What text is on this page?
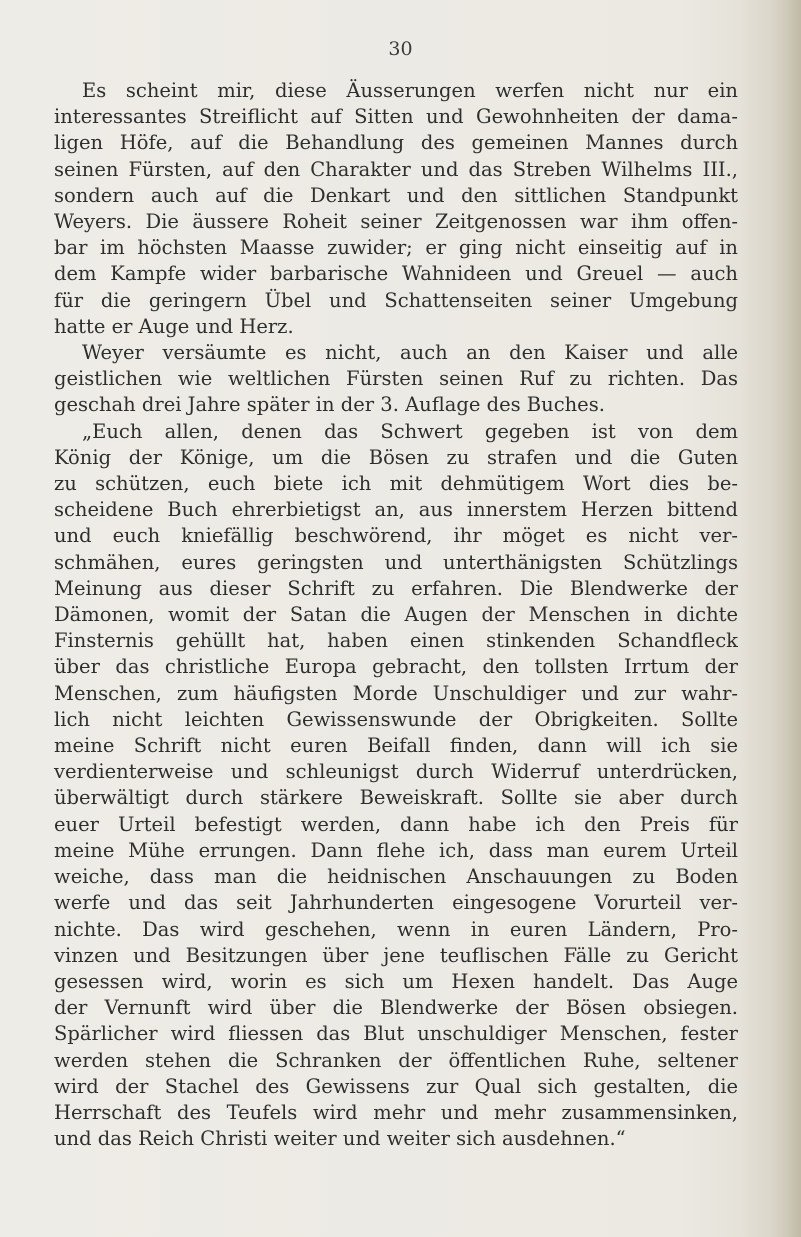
30
Es scheint mir, diese Äusserungen werfen nicht nur ein
interessantes Streiflicht auf Sitten und Gewohnheiten der dama-
ligen Höfe, auf die Behandlung des gemeinen Mannes durch
seinen Fürsten, auf den Charakter und das Streben Wilhelms III.,
sondern auch auf die Denkart und den sittlichen Standpunkt
Weyers. Die äussere Roheit seiner Zeitgenossen war ihm offen-
bar im höchsten Maasse zuwider; er ging nicht einseitig auf in
dem Kampfe wider barbarische Wahnideen und Greuel — auch
für die geringern Übel und Schattenseiten seiner Umgebung
hatte er Auge und Herz.
Weyer versäumte es nicht, auch an den Kaiser und alle
geistlichen wie weltlichen Fürsten seinen Ruf zu richten. Das
geschah drei Jahre später in der 3. Auflage des Buches.
„Euch allen, denen das Schwert gegeben ist von dem
König der Könige, um die Bösen zu strafen und die Guten
zu schützen, euch biete ich mit dehmütigem Wort dies be-
scheidene Buch ehrerbietigst an, aus innerstem Herzen bittend
und euch kniefällig beschwörend, ihr möget es nicht ver-
schmähen, eures geringsten und unterthänigsten Schützlings
Meinung aus dieser Schrift zu erfahren. Die Blendwerke der
Dämonen, womit der Satan die Augen der Menschen in dichte
Finsternis gehüllt hat, haben einen stinkenden Schandfleck
über das christliche Europa gebracht, den tollsten Irrtum der
Menschen, zum häufigsten Morde Unschuldiger und zur wahr-
lich nicht leichten Gewissenswunde der Obrigkeiten. Sollte
meine Schrift nicht euren Beifall finden, dann will ich sie
verdienterweise und schleunigst durch Widerruf unterdrücken,
überwältigt durch stärkere Beweiskraft. Sollte sie aber durch
euer Urteil befestigt werden, dann habe ich den Preis für
meine Mühe errungen. Dann flehe ich, dass man eurem Urteil
weiche, dass man die heidnischen Anschauungen zu Boden
werfe und das seit Jahrhunderten eingesogene Vorurteil ver-
nichte. Das wird geschehen, wenn in euren Ländern, Pro-
vinzen und Besitzungen über jene teuflischen Fälle zu Gericht
gesessen wird, worin es sich um Hexen handelt. Das Auge
der Vernunft wird über die Blendwerke der Bösen obsiegen.
Spärlicher wird fliessen das Blut unschuldiger Menschen, fester
werden stehen die Schranken der öffentlichen Ruhe, seltener
wird der Stachel des Gewissens zur Qual sich gestalten, die
Herrschaft des Teufels wird mehr und mehr zusammensinken,
und das Reich Christi weiter und weiter sich ausdehnen.“
